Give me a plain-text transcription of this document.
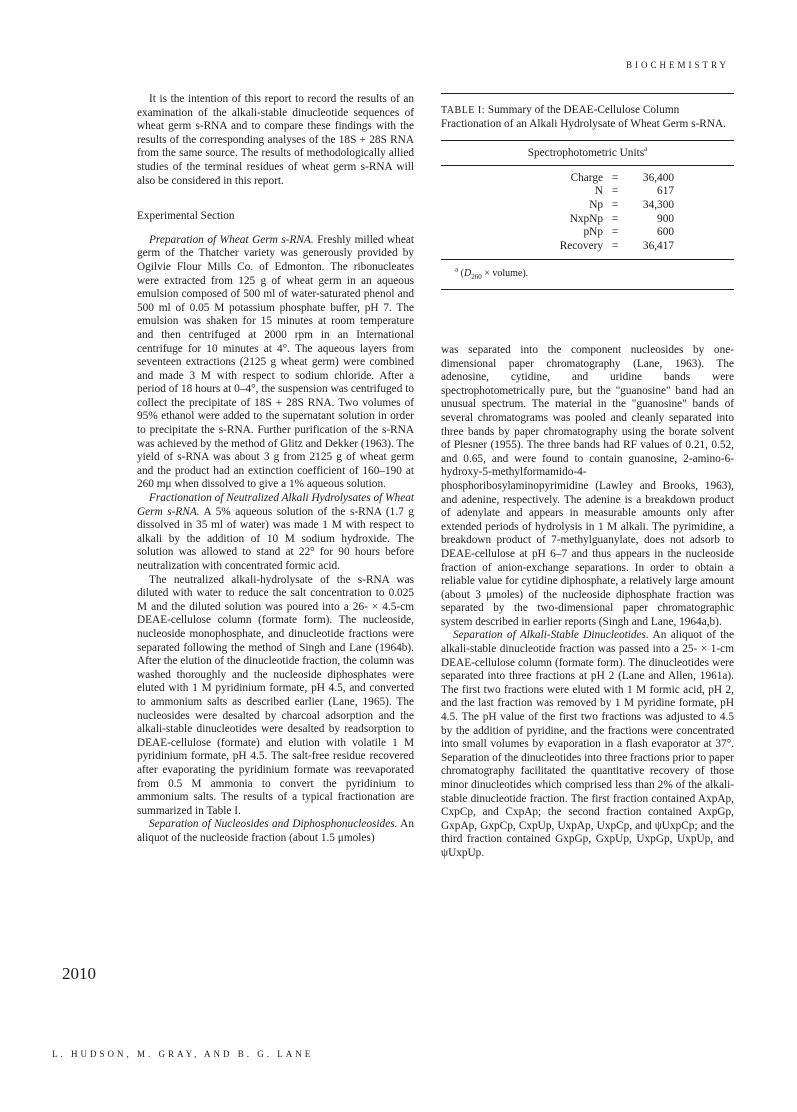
BIOCHEMISTRY

It is the intention of this report to record the results of an examination of the alkali-stable dinucleotide sequences of wheat germ s-RNA and to compare these findings with the results of the corresponding analyses of the 18S + 28S RNA from the same source. The results of methodologically allied studies of the terminal residues of wheat germ s-RNA will also be considered in this report.

Experimental Section

Preparation of Wheat Germ s-RNA. Freshly milled wheat germ of the Thatcher variety was generously provided by Ogilvie Flour Mills Co. of Edmonton. The ribonucleates were extracted from 125 g of wheat germ in an aqueous emulsion composed of 500 ml of water-saturated phenol and 500 ml of 0.05 M potassium phosphate buffer, pH 7. The emulsion was shaken for 15 minutes at room temperature and then centrifuged at 2000 rpm in an International centrifuge for 10 minutes at 4°. The aqueous layers from seventeen extractions (2125 g wheat germ) were combined and made 3 M with respect to sodium chloride. After a period of 18 hours at 0–4°, the suspension was centrifuged to collect the precipitate of 18S + 28S RNA. Two volumes of 95% ethanol were added to the supernatant solution in order to precipitate the s-RNA. Further purification of the s-RNA was achieved by the method of Glitz and Dekker (1963). The yield of s-RNA was about 3 g from 2125 g of wheat germ and the product had an extinction coefficient of 160–190 at 260 mμ when dissolved to give a 1% aqueous solution.

Fractionation of Neutralized Alkali Hydrolysates of Wheat Germ s-RNA. A 5% aqueous solution of the s-RNA (1.7 g dissolved in 35 ml of water) was made 1 M with respect to alkali by the addition of 10 M sodium hydroxide. The solution was allowed to stand at 22° for 90 hours before neutralization with concentrated formic acid.

The neutralized alkali-hydrolysate of the s-RNA was diluted with water to reduce the salt concentration to 0.025 M and the diluted solution was poured into a 26- × 4.5-cm DEAE-cellulose column (formate form). The nucleoside, nucleoside monophosphate, and dinucleotide fractions were separated following the method of Singh and Lane (1964b). After the elution of the dinucleotide fraction, the column was washed thoroughly and the nucleoside diphosphates were eluted with 1 M pyridinium formate, pH 4.5, and converted to ammonium salts as described earlier (Lane, 1965). The nucleosides were desalted by charcoal adsorption and the alkali-stable dinucleotides were desalted by readsorption to DEAE-cellulose (formate) and elution with volatile 1 M pyridinium formate, pH 4.5. The salt-free residue recovered after evaporating the pyridinium formate was reevaporated from 0.5 M ammonia to convert the pyridinium to ammonium salts. The results of a typical fractionation are summarized in Table I.

Separation of Nucleosides and Diphosphonucleosides. An aliquot of the nucleoside fraction (about 1.5 μmoles)

TABLE I: Summary of the DEAE-Cellulose Column Fractionation of an Alkali Hydrolysate of Wheat Germ s-RNA.
Spectrophotometric Units$^a$
Charge =	36,400
N =	617
Np =	34,300
NxpNp =	900
pNp =	600
Recovery =	36,417
$^a$ ($D_{260}$ × volume).

was separated into the component nucleosides by one-dimensional paper chromatography (Lane, 1963). The adenosine, cytidine, and uridine bands were spectrophotometrically pure, but the "guanosine" band had an unusual spectrum. The material in the "guanosine" bands of several chromatograms was pooled and cleanly separated into three bands by paper chromatography using the borate solvent of Plesner (1955). The three bands had RF values of 0.21, 0.52, and 0.65, and were found to contain guanosine, 2-amino-6-hydroxy-5-methylformamido-4-phosphoribosylaminopyrimidine (Lawley and Brooks, 1963), and adenine, respectively. The adenine is a breakdown product of adenylate and appears in measurable amounts only after extended periods of hydrolysis in 1 M alkali. The pyrimidine, a breakdown product of 7-methylguanylate, does not adsorb to DEAE-cellulose at pH 6–7 and thus appears in the nucleoside fraction of anion-exchange separations. In order to obtain a reliable value for cytidine diphosphate, a relatively large amount (about 3 μmoles) of the nucleoside diphosphate fraction was separated by the two-dimensional paper chromatographic system described in earlier reports (Singh and Lane, 1964a,b).

Separation of Alkali-Stable Dinucleotides. An aliquot of the alkali-stable dinucleotide fraction was passed into a 25- × 1-cm DEAE-cellulose column (formate form). The dinucleotides were separated into three fractions at pH 2 (Lane and Allen, 1961a). The first two fractions were eluted with 1 M formic acid, pH 2, and the last fraction was removed by 1 M pyridine formate, pH 4.5. The pH value of the first two fractions was adjusted to 4.5 by the addition of pyridine, and the fractions were concentrated into small volumes by evaporation in a flash evaporator at 37°. Separation of the dinucleotides into three fractions prior to paper chromatography facilitated the quantitative recovery of those minor dinucleotides which comprised less than 2% of the alkali-stable dinucleotide fraction. The first fraction contained AxpAp, CxpCp, and CxpAp; the second fraction contained AxpGp, GxpAp, GxpCp, CxpUp, UxpAp, UxpCp, and ψUxpCp; and the third fraction contained GxpGp, GxpUp, UxpGp, UxpUp, and ψUxpUp.

2010
L. HUDSON, M. GRAY, AND B. G. LANE
